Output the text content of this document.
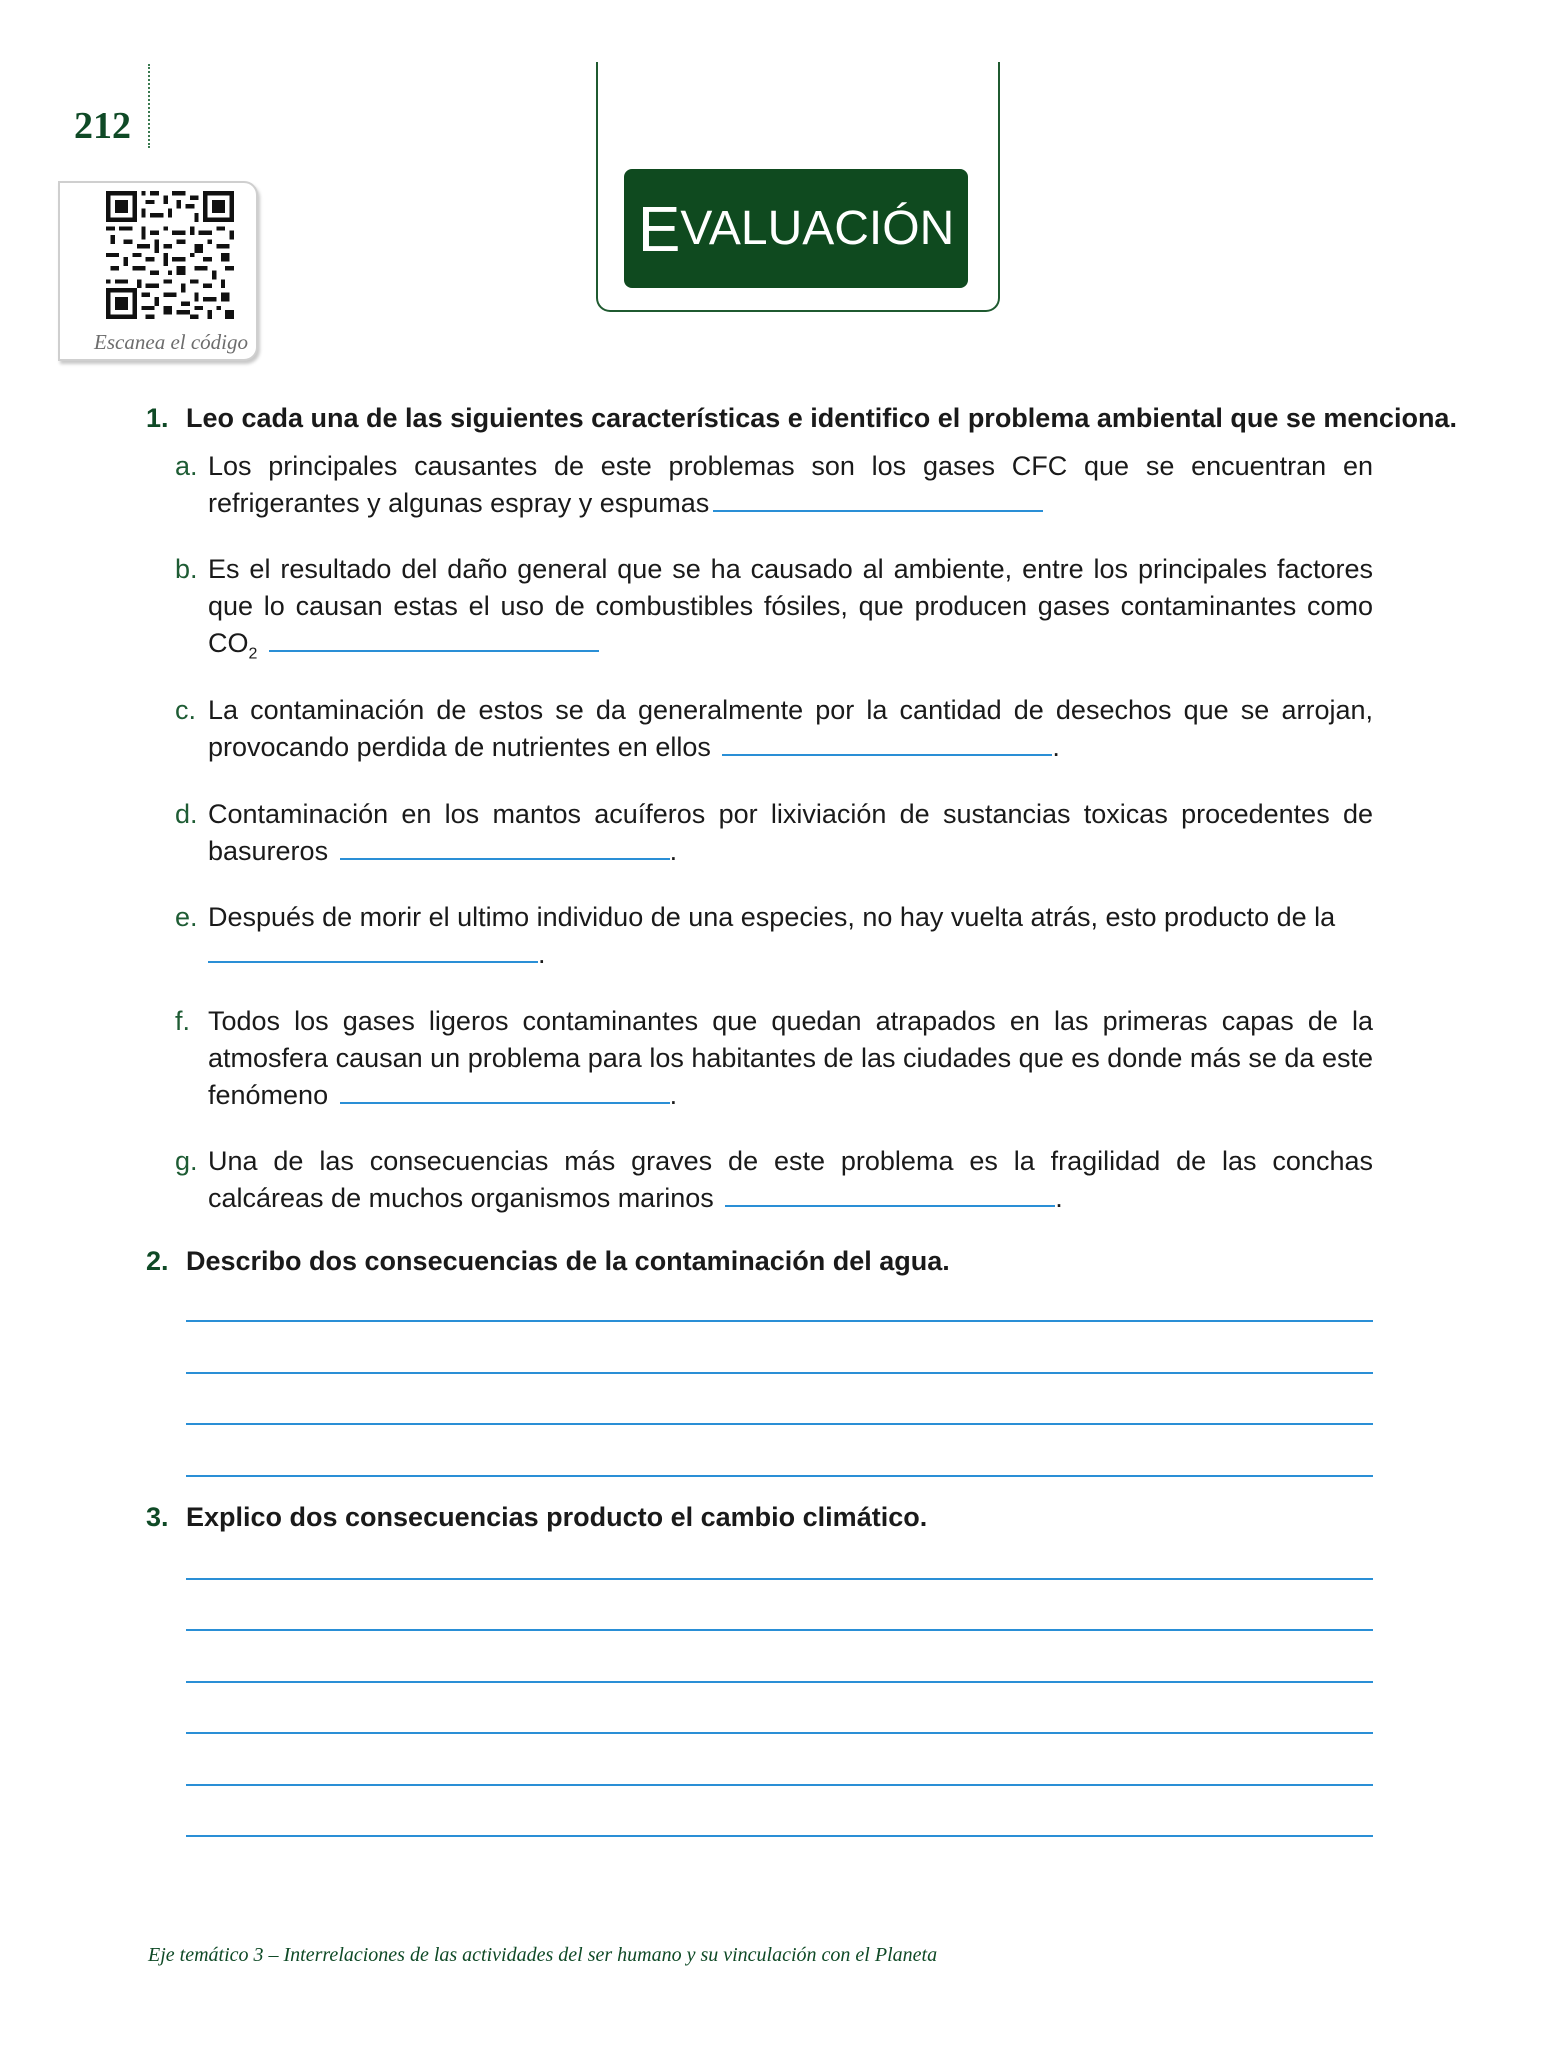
212
Escanea el código
E VALUACIÓN
1. Leo cada una de las siguientes características e identifico el problema ambiental que se menciona.
a. Los principales causantes de este problemas son los gases CFC que se encuentran en refrigerantes y algunas espray y espumas
b. Es el resultado del daño general que se ha causado al ambiente, entre los principales factores que lo causan estas el uso de combustibles fósiles, que producen gases contaminantes como $CO_2$
c. La contaminación de estos se da generalmente por la cantidad de desechos que se arrojan, provocando perdida de nutrientes en ellos	.
d. Contaminación en los mantos acuíferos por lixiviación de sustancias toxicas procedentes de basureros	.
e. Después de morir el ultimo individuo de una especies, no hay vuelta atrás, esto producto de la
.
f. Todos los gases ligeros contaminantes que quedan atrapados en las primeras capas de la atmosfera causan un problema para los habitantes de las ciudades que es donde más se da este fenómeno	.
g. Una de las consecuencias más graves de este problema es la fragilidad de las conchas calcáreas de muchos organismos marinos	.
2. Describo dos consecuencias de la contaminación del agua.
3. Explico dos consecuencias producto el cambio climático.
Eje temático 3 – Interrelaciones de las actividades del ser humano y su vinculación con el Planeta
